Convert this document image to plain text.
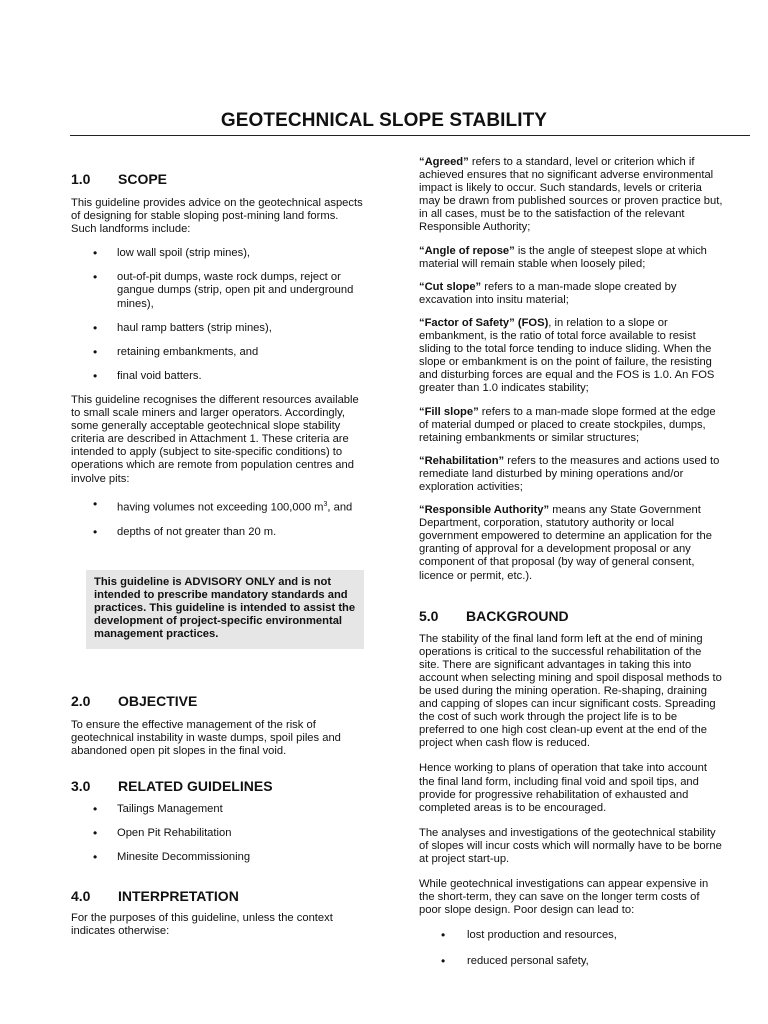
GEOTECHNICAL SLOPE STABILITY
1.0 SCOPE

This guideline provides advice on the geotechnical aspects of designing for stable sloping post-mining land forms. Such landforms include:

• low wall spoil (strip mines),
• out-of-pit dumps, waste rock dumps, reject or gangue dumps (strip, open pit and underground mines),
• haul ramp batters (strip mines),
• retaining embankments, and
• final void batters.

This guideline recognises the different resources available to small scale miners and larger operators. Accordingly, some generally acceptable geotechnical slope stability criteria are described in Attachment 1. These criteria are intended to apply (subject to site-specific conditions) to operations which are remote from population centres and involve pits:

• having volumes not exceeding 100,000 $m^3$, and
• depths of not greater than 20 m.
This guideline is ADVISORY ONLY and is not intended to prescribe mandatory standards and practices. This guideline is intended to assist the development of project-specific environmental management practices.
2.0 OBJECTIVE

To ensure the effective management of the risk of geotechnical instability in waste dumps, spoil piles and abandoned open pit slopes in the final void.

3.0 RELATED GUIDELINES
• Tailings Management
• Open Pit Rehabilitation
• Minesite Decommissioning
4.0 INTERPRETATION

For the purposes of this guideline, unless the context indicates otherwise:

“Agreed” refers to a standard, level or criterion which if achieved ensures that no significant adverse environmental impact is likely to occur. Such standards, levels or criteria may be drawn from published sources or proven practice but, in all cases, must be to the satisfaction of the relevant Responsible Authority;

“Angle of repose” is the angle of steepest slope at which material will remain stable when loosely piled;

“Cut slope” refers to a man-made slope created by excavation into insitu material;

“Factor of Safety” (FOS), in relation to a slope or embankment, is the ratio of total force available to resist sliding to the total force tending to induce sliding. When the slope or embankment is on the point of failure, the resisting and disturbing forces are equal and the FOS is 1.0. An FOS greater than 1.0 indicates stability;

“Fill slope” refers to a man-made slope formed at the edge of material dumped or placed to create stockpiles, dumps, retaining embankments or similar structures;

“Rehabilitation” refers to the measures and actions used to remediate land disturbed by mining operations and/or exploration activities;

“Responsible Authority” means any State Government Department, corporation, statutory authority or local government empowered to determine an application for the granting of approval for a development proposal or any component of that proposal (by way of general consent, licence or permit, etc.).

5.0 BACKGROUND

The stability of the final land form left at the end of mining operations is critical to the successful rehabilitation of the site. There are significant advantages in taking this into account when selecting mining and spoil disposal methods to be used during the mining operation. Re-shaping, draining and capping of slopes can incur significant costs. Spreading the cost of such work through the project life is to be preferred to one high cost clean-up event at the end of the project when cash flow is reduced.

Hence working to plans of operation that take into account the final land form, including final void and spoil tips, and provide for progressive rehabilitation of exhausted and completed areas is to be encouraged.

The analyses and investigations of the geotechnical stability of slopes will incur costs which will normally have to be borne at project start-up.

While geotechnical investigations can appear expensive in the short-term, they can save on the longer term costs of poor slope design. Poor design can lead to:

• lost production and resources,
• reduced personal safety,
